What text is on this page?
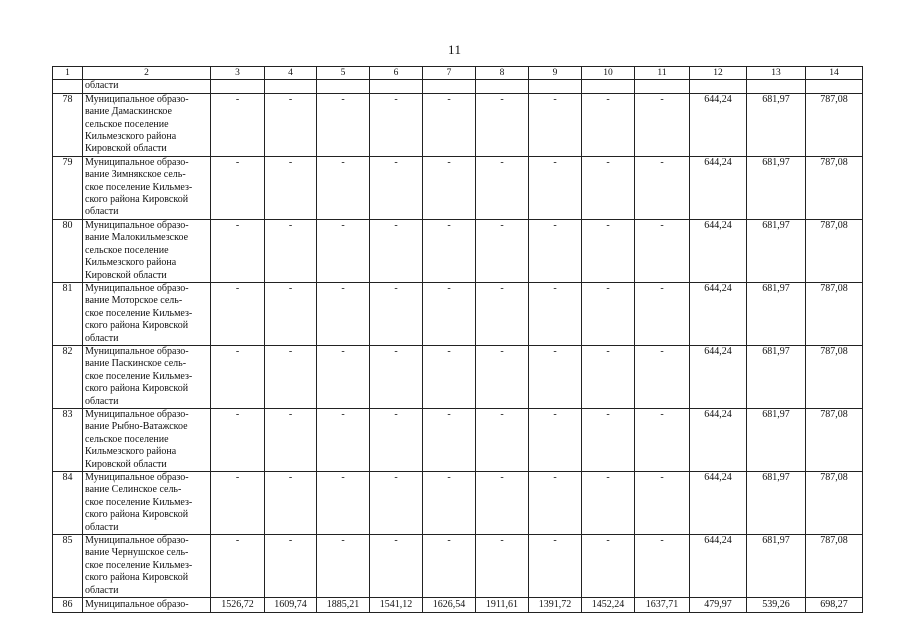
11
1	2	3	4	5	6	7	8	9	10	11	12	13	14
	области												
78	Муниципальное образо-
вание Дамаскинское
сельское поселение
Кильмезского района
Кировской области	-	-	-	-	-	-	-	-	-	644,24	681,97	787,08
79	Муниципальное образо-
вание Зимнякское сель-
ское поселение Кильмез-
ского района Кировской
области	-	-	-	-	-	-	-	-	-	644,24	681,97	787,08
80	Муниципальное образо-
вание Малокильмезское
сельское поселение
Кильмезского района
Кировской области	-	-	-	-	-	-	-	-	-	644,24	681,97	787,08
81	Муниципальное образо-
вание Моторское сель-
ское поселение Кильмез-
ского района Кировской
области	-	-	-	-	-	-	-	-	-	644,24	681,97	787,08
82	Муниципальное образо-
вание Паскинское сель-
ское поселение Кильмез-
ского района Кировской
области	-	-	-	-	-	-	-	-	-	644,24	681,97	787,08
83	Муниципальное образо-
вание Рыбно-Ватажское
сельское поселение
Кильмезского района
Кировской области	-	-	-	-	-	-	-	-	-	644,24	681,97	787,08
84	Муниципальное образо-
вание Селинское сель-
ское поселение Кильмез-
ского района Кировской
области	-	-	-	-	-	-	-	-	-	644,24	681,97	787,08
85	Муниципальное образо-
вание Чернушское сель-
ское поселение Кильмез-
ского района Кировской
области	-	-	-	-	-	-	-	-	-	644,24	681,97	787,08
86	Муниципальное образо-	1526,72	1609,74	1885,21	1541,12	1626,54	1911,61	1391,72	1452,24	1637,71	479,97	539,26	698,27
